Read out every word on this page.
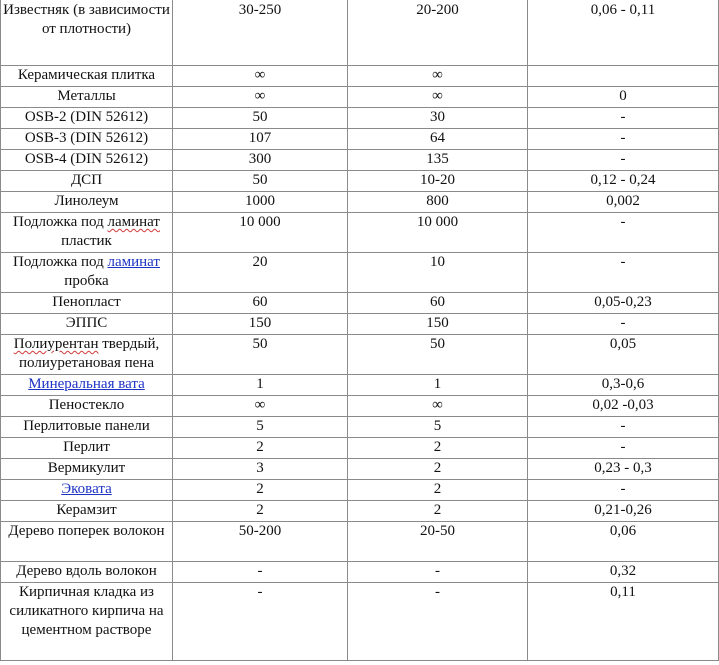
Известняк (в зависимости от плотности)	30-250	20-200	0,06 - 0,11
Керамическая плитка	∞	∞	
Металлы	∞	∞	0
OSB-2 (DIN 52612)	50	30	-
OSB-3 (DIN 52612)	107	64	-
OSB-4 (DIN 52612)	300	135	-
ДСП	50	10-20	0,12 - 0,24
Линолеум	1000	800	0,002
Подложка под ламинат пластик	10 000	10 000	-
Подложка под ламинат пробка	20	10	-
Пенопласт	60	60	0,05-0,23
ЭППС	150	150	-
Полиурентан твердый, полиуретановая пена	50	50	0,05
Минеральная вата	1	1	0,3-0,6
Пеностекло	∞	∞	0,02 -0,03
Перлитовые панели	5	5	-
Перлит	2	2	-
Вермикулит	3	2	0,23 - 0,3
Эковата	2	2	-
Керамзит	2	2	0,21-0,26
Дерево поперек волокон	50-200	20-50	0,06
Дерево вдоль волокон	-	-	0,32
Кирпичная кладка из силикатного кирпича на цементном растворе	-	-	0,11
